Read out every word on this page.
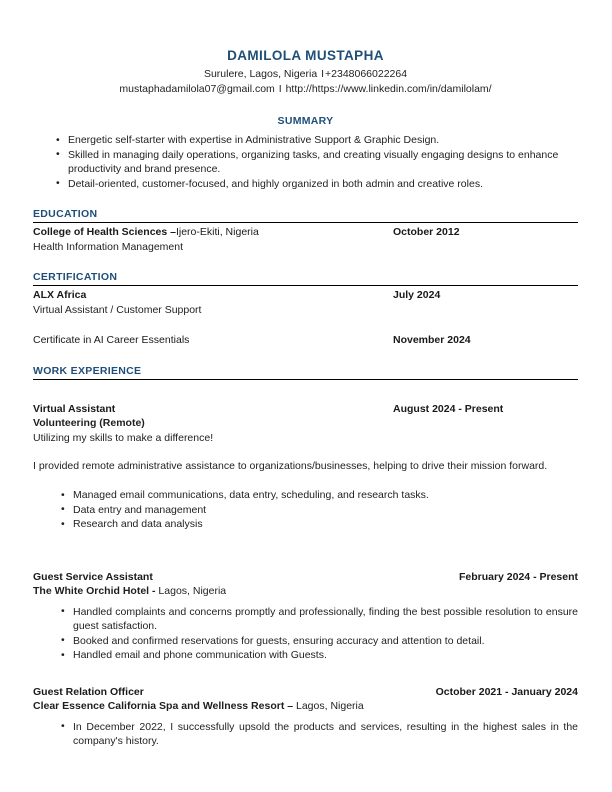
DAMILOLA MUSTAPHA
Surulere, Lagos, Nigeria I+2348066022264
mustaphadamilola07@gmail.com I http://https://www.linkedin.com/in/damilolam/
SUMMARY
• Energetic self-starter with expertise in Administrative Support & Graphic Design.
• Skilled in managing daily operations, organizing tasks, and creating visually engaging designs to enhance productivity and brand presence.
• Detail-oriented, customer-focused, and highly organized in both admin and creative roles.
EDUCATION
College of Health Sciences – Ijero-Ekiti, Nigeria	October 2012
Health Information Management
CERTIFICATION
ALX Africa	July 2024
Virtual Assistant / Customer Support
Certificate in AI Career Essentials	November 2024
WORK EXPERIENCE
Virtual Assistant	August 2024 - Present
Volunteering (Remote)
Utilizing my skills to make a difference!
I provided remote administrative assistance to organizations/businesses, helping to drive their mission forward.
• Managed email communications, data entry, scheduling, and research tasks.
• Data entry and management
• Research and data analysis
Guest Service Assistant	February 2024 - Present
The White Orchid Hotel - Lagos, Nigeria
• Handled complaints and concerns promptly and professionally, finding the best possible resolution to ensure guest satisfaction.
• Booked and confirmed reservations for guests, ensuring accuracy and attention to detail.
• Handled email and phone communication with Guests.
Guest Relation Officer	October 2021 - January 2024
Clear Essence California Spa and Wellness Resort – Lagos, Nigeria
• In December 2022, I successfully upsold the products and services, resulting in the highest sales in the company's history.
